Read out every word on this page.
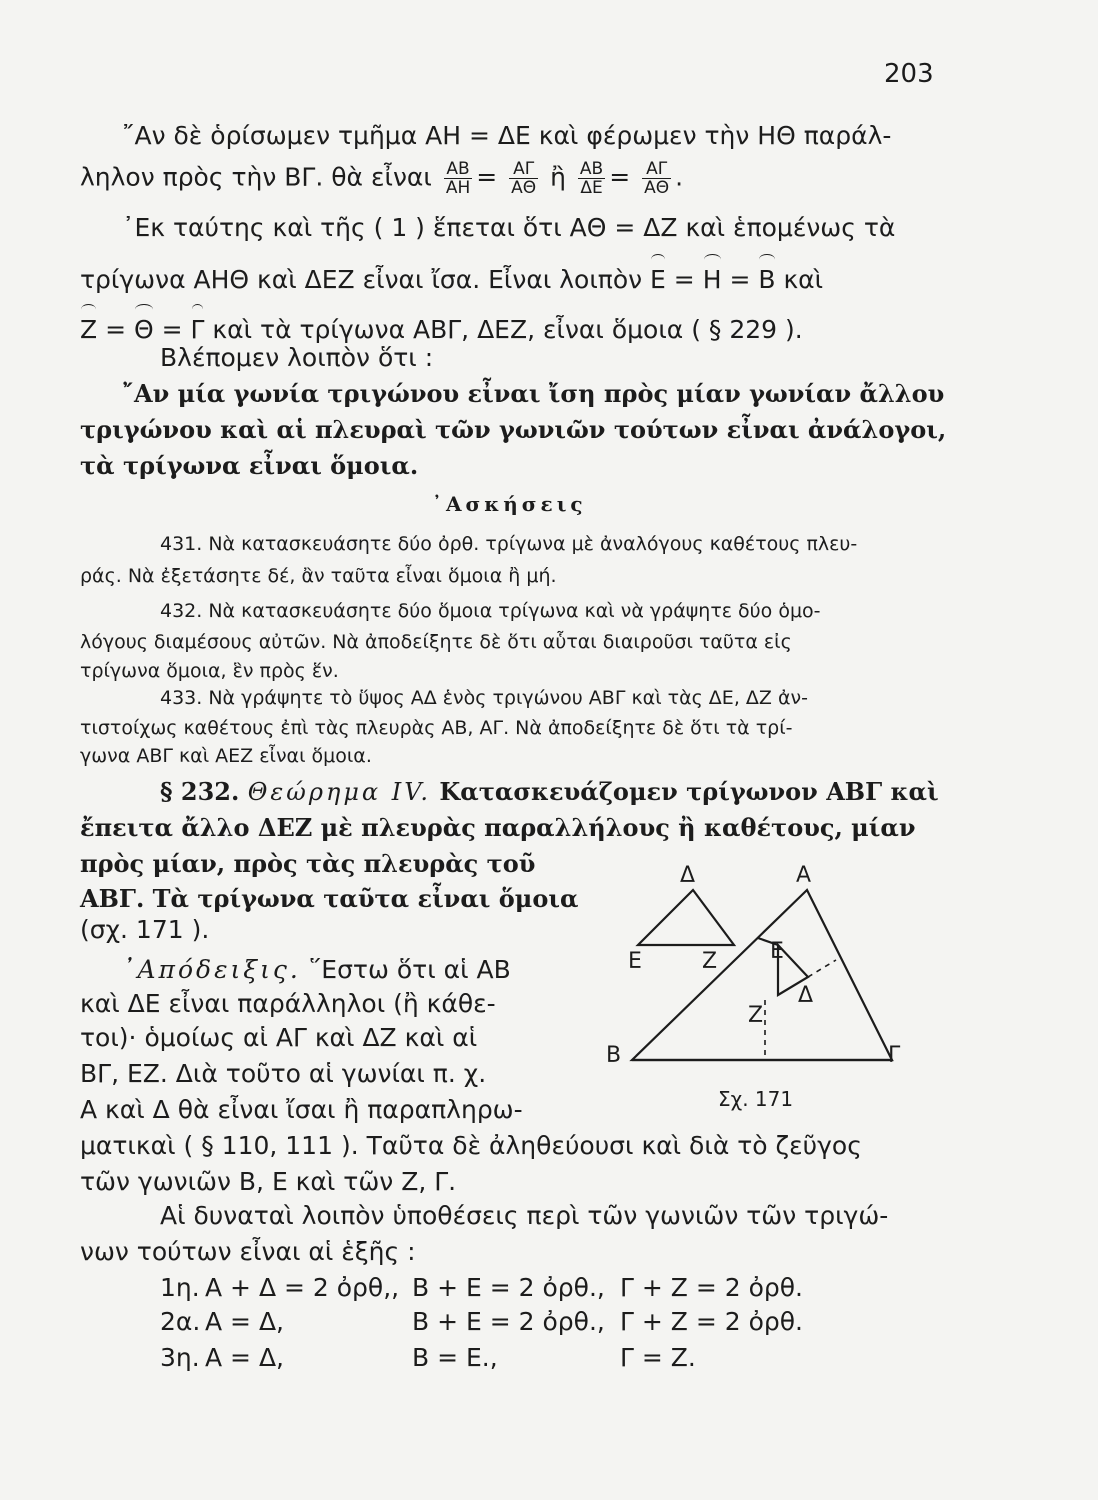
203
῎Αν δὲ ὁρίσωμεν τμῆμα ΑΗ = ΔΕ καὶ φέρωμεν τὴν ΗΘ παράλ-
ληλον πρὸς τὴν ΒΓ. θὰ εἶναι $\frac{AB}{AH} = \frac{A\Gamma}{A\Theta}$ ἢ $\frac{AB}{\Delta E} = \frac{A\Gamma}{A\Theta}$ .
᾿Εκ ταύτης καὶ τῆς ( 1 ) ἕπεται ὅτι ΑΘ = ΔΖ καὶ ἑπομένως τὰ
τρίγωνα ΑΗΘ καὶ ΔΕΖ εἶναι ἴσα. Εἶναι λοιπὸν Ε = Η = Β καὶ
Ζ = Θ = Γ καὶ τὰ τρίγωνα ΑΒΓ, ΔΕΖ, εἶναι ὅμοια ( § 229 ).
Βλέπομεν λοιπὸν ὅτι :
῎Αν μία γωνία τριγώνου εἶναι ἴση πρὸς μίαν γωνίαν ἄλλου
τριγώνου καὶ αἱ πλευραὶ τῶν γωνιῶν τούτων εἶναι ἀνάλογοι,
τὰ τρίγωνα εἶναι ὅμοια.
᾿Ασκήσεις
431. Νὰ κατασκευάσητε δύο ὀρθ. τρίγωνα μὲ ἀναλόγους καθέτους πλευ-
ράς. Νὰ ἐξετάσητε δέ, ἂν ταῦτα εἶναι ὅμοια ἢ μή.
432. Νὰ κατασκευάσητε δύο ὅμοια τρίγωνα καὶ νὰ γράψητε δύο ὁμο-
λόγους διαμέσους αὐτῶν. Νὰ ἀποδείξητε δὲ ὅτι αὗται διαιροῦσι ταῦτα εἰς
τρίγωνα ὅμοια, ἓν πρὸς ἕν.
433. Νὰ γράψητε τὸ ὕψος ΑΔ ἑνὸς τριγώνου ΑΒΓ καὶ τὰς ΔΕ, ΔΖ ἀν-
τιστοίχως καθέτους ἐπὶ τὰς πλευρὰς ΑΒ, ΑΓ. Νὰ ἀποδείξητε δὲ ὅτι τὰ τρί-
γωνα ΑΒΓ καὶ ΑΕΖ εἶναι ὅμοια.
§ 232. Θεώρημα IV. Κατασκευάζομεν τρίγωνον ΑΒΓ καὶ
ἔπειτα ἄλλο ΔΕΖ μὲ πλευρὰς παραλλήλους ἢ καθέτους, μίαν
πρὸς μίαν, πρὸς τὰς πλευρὰς τοῦ
ΑΒΓ. Τὰ τρίγωνα ταῦτα εἶναι ὅμοια
(σχ. 171 ).
᾿Απόδειξις. ῞Εστω ὅτι αἱ ΑΒ
καὶ ΔΕ εἶναι παράλληλοι (ἢ κάθε-
τοι)· ὁμοίως αἱ ΑΓ καὶ ΔΖ καὶ αἱ
ΒΓ, ΕΖ. Διὰ τοῦτο αἱ γωνίαι π. χ.
Α καὶ Δ θὰ εἶναι ἴσαι ἢ παραπληρω-
ματικαὶ ( § 110, 111 ). Ταῦτα δὲ ἀληθεύουσι καὶ διὰ τὸ ζεῦγος
τῶν γωνιῶν Β, Ε καὶ τῶν Ζ, Γ.
Αἱ δυναταὶ λοιπὸν ὑποθέσεις περὶ τῶν γωνιῶν τῶν τριγώ-
νων τούτων εἶναι αἱ ἑξῆς :
1η. Α + Δ = 2 ὀρθ,, Β + Ε = 2 ὀρθ., Γ + Ζ = 2 ὀρθ.
2α. Α = Δ,	Β + Ε = 2 ὀρθ., Γ + Ζ = 2 ὀρθ.
3η. Α = Δ,	Β = Ε.,	Γ = Ζ.
Δ
Ε	Ζ
Α
Β	Γ
Ε
Ζ
Δ
Σχ. 171
